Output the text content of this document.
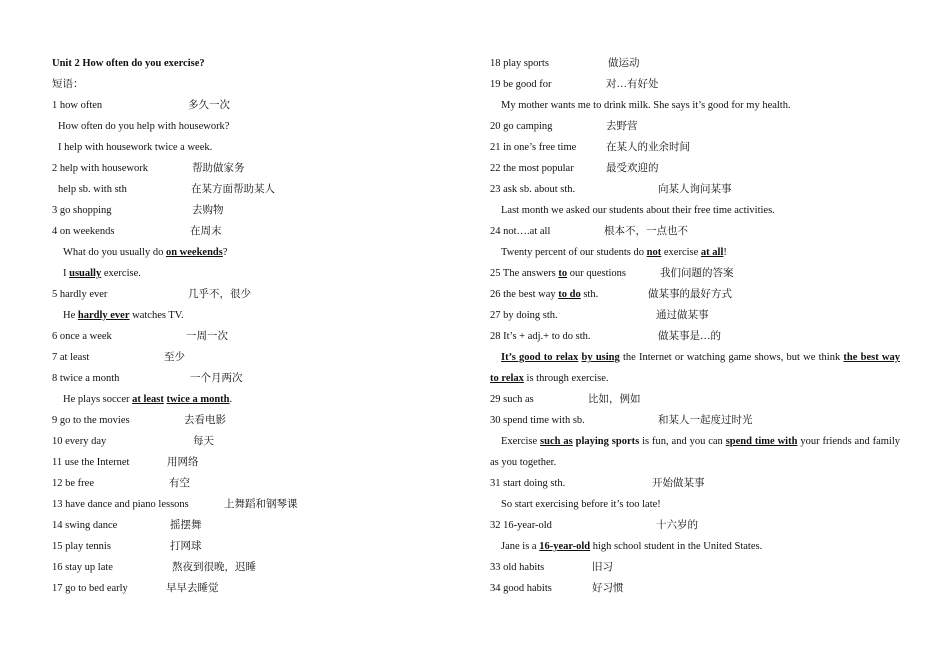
Unit 2 How often do you exercise?
短语：
1 how often	多久一次
How often do you help with housework?
I help with housework twice a week.
2 help with housework	帮助做家务
help sb. with sth	在某方面帮助某人
3 go shopping	去购物
4 on weekends	在周末
What do you usually do on weekends?
I usually exercise.
5 hardly ever	几乎不，很少
He hardly ever watches TV.
6 once a week	一周一次
7 at least	至少
8 twice a month	一个月两次
He plays soccer at least twice a month.
9 go to the movies	去看电影
10 every day	每天
11 use the Internet	用网络
12 be free	有空
13 have dance and piano lessons	上舞蹈和钢琴课
14 swing dance	摇摆舞
15 play tennis	打网球
16 stay up late	熬夜到很晚，迟睡
17 go to bed early	早早去睡觉
18 play sports	做运动
19 be good for	对…有好处
My mother wants me to drink milk. She says it’s good for my health.
20 go camping	去野营
21 in one’s free time	在某人的业余时间
22 the most popular	最受欢迎的
23 ask sb. about sth.	向某人询问某事
Last month we asked our students about their free time activities.
24 not….at all	根本不，一点也不
Twenty percent of our students do not exercise at all!
25 The answers to our questions	我们问题的答案
26 the best way to do sth.	做某事的最好方式
27 by doing sth.	通过做某事
28 It’s + adj.+ to do sth.	做某事是…的
It’s good to relax by using the Internet or watching game shows, but we think the best way to relax is through exercise.
29 such as	比如，例如
30 spend time with sb.	和某人一起度过时光
Exercise such as playing sports is fun, and you can spend time with your friends and family as you together.
31 start doing sth.	开始做某事
So start exercising before it’s too late!
32 16-year-old	十六岁的
Jane is a 16-year-old high school student in the United States.
33 old habits	旧习
34 good habits	好习惯
